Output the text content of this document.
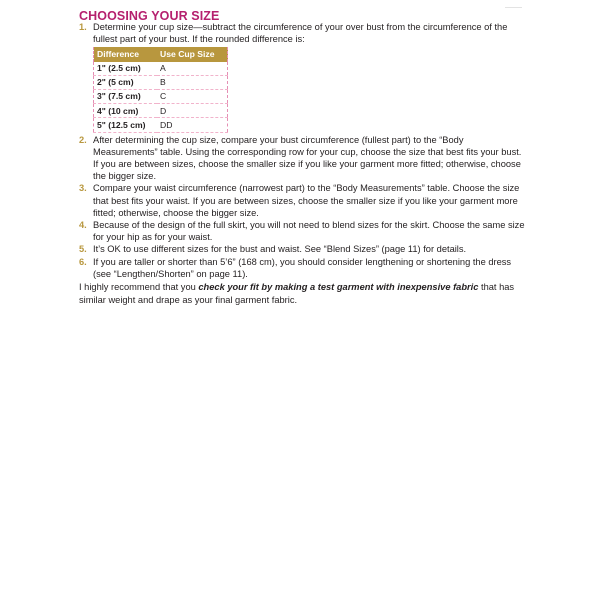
CHOOSING YOUR SIZE
1. Determine your cup size—subtract the circumference of your over bust from the circumference of the fullest part of your bust. If the rounded difference is:
Difference	Use Cup Size
1" (2.5 cm)	A
2" (5 cm)	B
3" (7.5 cm)	C
4" (10 cm)	D
5" (12.5 cm)	DD
2. After determining the cup size, compare your bust circumference (fullest part) to the “Body Measurements” table. Using the corresponding row for your cup, choose the size that best fits your bust. If you are between sizes, choose the smaller size if you like your garment more fitted; otherwise, choose the bigger size.
3. Compare your waist circumference (narrowest part) to the “Body Measurements” table. Choose the size that best fits your waist. If you are between sizes, choose the smaller size if you like your garment more fitted; otherwise, choose the bigger size.
4. Because of the design of the full skirt, you will not need to blend sizes for the skirt. Choose the same size for your hip as for your waist.
5. It’s OK to use different sizes for the bust and waist. See “Blend Sizes” (page 11) for details.
6. If you are taller or shorter than 5’6” (168 cm), you should consider lengthening or shortening the dress (see “Lengthen/Shorten” on page 11).

I highly recommend that you check your fit by making a test garment with inexpensive fabric that has similar weight and drape as your final garment fabric.
